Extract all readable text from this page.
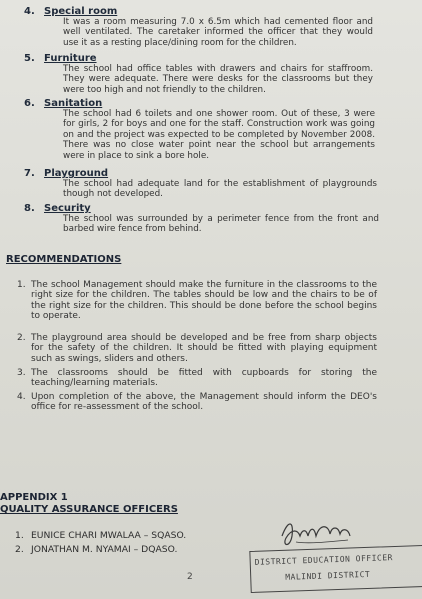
4. Special room
It was a room measuring 7.0 x 6.5m which had cemented floor and well ventilated. The caretaker informed the officer that they would use it as a resting place/dining room for the children.
5. Furniture
The school had office tables with drawers and chairs for staffroom. They were adequate. There were desks for the classrooms but they were too high and not friendly to the children.
6. Sanitation
The school had 6 toilets and one shower room. Out of these, 3 were for girls, 2 for boys and one for the staff. Construction work was going on and the project was expected to be completed by November 2008. There was no close water point near the school but arrangements were in place to sink a bore hole.
7. Playground
The school had adequate land for the establishment of playgrounds though not developed.
8. Security
The school was surrounded by a perimeter fence from the front and barbed wire fence from behind.
RECOMMENDATIONS
1. The school Management should make the furniture in the classrooms to the right size for the children. The tables should be low and the chairs to be of the right size for the children. This should be done before the school begins to operate.
2. The playground area should be developed and be free from sharp objects for the safety of the children. It should be fitted with playing equipment such as swings, sliders and others.
3. The classrooms should be fitted with cupboards for storing the teaching/learning materials.
4. Upon completion of the above, the Management should inform the DEO's office for re-assessment of the school.
APPENDIX 1
QUALITY ASSURANCE OFFICERS
1. EUNICE CHARI MWALAA – SQASO.
2. JONATHAN M. NYAMAI – DQASO.
DISTRICT EDUCATION OFFICER
MALINDI DISTRICT
2
